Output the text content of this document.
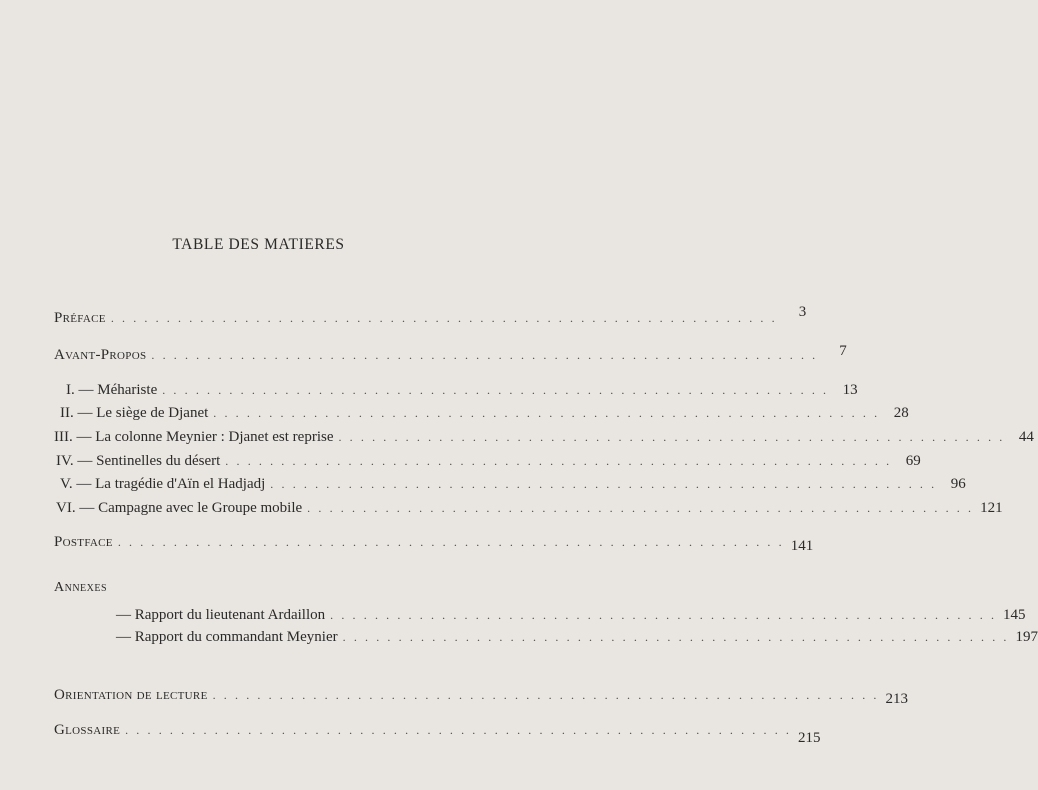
TABLE DES MATIERES
Préface . . . . . . . . . . . . . . . . . . . . . . . . . . . . . . . . . . . . . . . . . . . . . . . . . . . . . . . . . . . .	3
Avant-Propos . . . . . . . . . . . . . . . . . . . . . . . . . . . . . . . . . . . . . . . . . . . . . . . . . . . . . . . . . . . .	7
I. — Méhariste . . . . . . . . . . . . . . . . . . . . . . . . . . . . . . . . . . . . . . . . . . . . . . . . . . . . . . . . . . . . 13
II. — Le siège de Djanet . . . . . . . . . . . . . . . . . . . . . . . . . . . . . . . . . . . . . . . . . . . . . . . . . . . . . . . . . . . . 28
III. — La colonne Meynier : Djanet est reprise . . . . . . . . . . . . . . . . . . . . . . . . . . . . . . . . . . . . . . . . . . . . . . . . . . . . . . . . . . . . 44
IV. — Sentinelles du désert . . . . . . . . . . . . . . . . . . . . . . . . . . . . . . . . . . . . . . . . . . . . . . . . . . . . . . . . . . . . 69
V. — La tragédie d'Aïn el Hadjadj . . . . . . . . . . . . . . . . . . . . . . . . . . . . . . . . . . . . . . . . . . . . . . . . . . . . . . . . . . . . 96
VI. — Campagne avec le Groupe mobile . . . . . . . . . . . . . . . . . . . . . . . . . . . . . . . . . . . . . . . . . . . . . . . . . . . . . . . . . . . . 121
Postface . . . . . . . . . . . . . . . . . . . . . . . . . . . . . . . . . . . . . . . . . . . . . . . . . . . . . . . . . . . . 141
Annexes
— Rapport du lieutenant Ardaillon . . . . . . . . . . . . . . . . . . . . . . . . . . . . . . . . . . . . . . . . . . . . . . . . . . . . . . . . . . . . 145
— Rapport du commandant Meynier . . . . . . . . . . . . . . . . . . . . . . . . . . . . . . . . . . . . . . . . . . . . . . . . . . . . . . . . . . . . 197
Orientation de lecture . . . . . . . . . . . . . . . . . . . . . . . . . . . . . . . . . . . . . . . . . . . . . . . . . . . . . . . . . . . . 213
Glossaire . . . . . . . . . . . . . . . . . . . . . . . . . . . . . . . . . . . . . . . . . . . . . . . . . . . . . . . . . . . . 215
